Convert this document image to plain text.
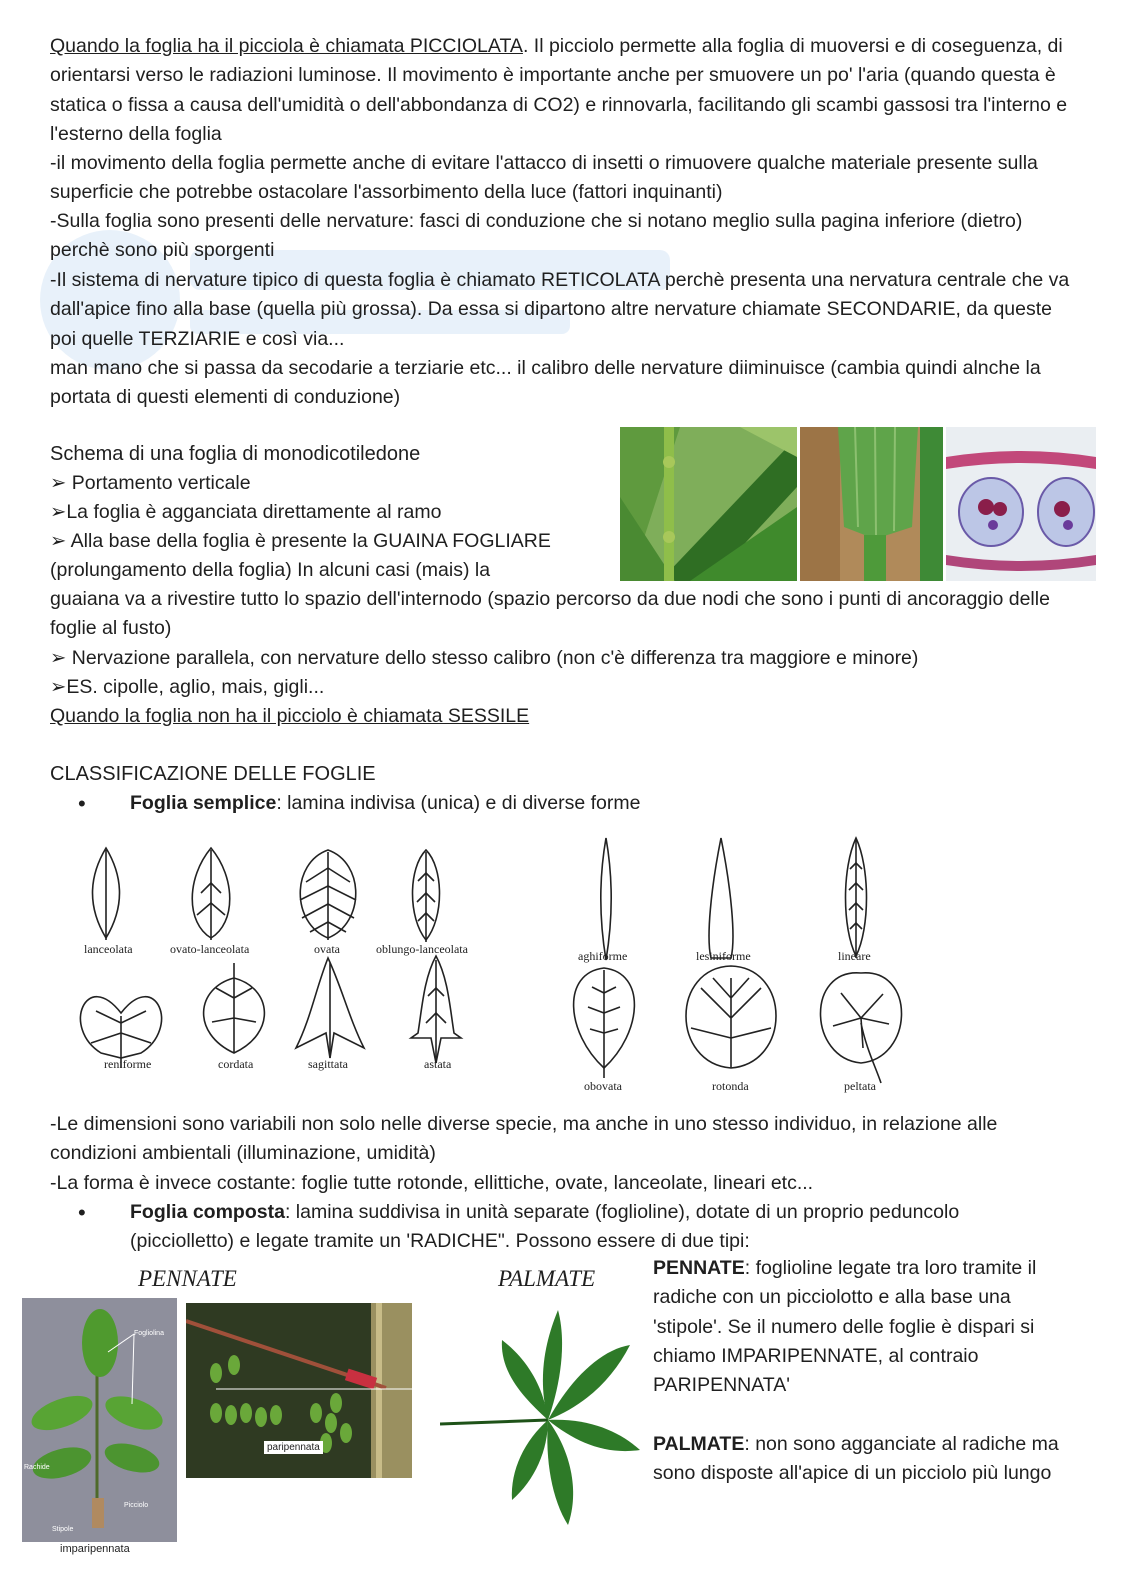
Quando la foglia ha il picciola è chiamata PICCIOLATA. Il picciolo permette alla foglia di muoversi e di coseguenza, di orientarsi verso le radiazioni luminose. Il movimento è importante anche per smuovere un po' l'aria (quando questa è statica o fissa a causa dell'umidità o dell'abbondanza di CO2) e rinnovarla, facilitando gli scambi gassosi tra l'interno e l'esterno della foglia
-il movimento della foglia permette anche di evitare l'attacco di insetti o rimuovere qualche materiale presente sulla superficie che potrebbe ostacolare l'assorbimento della luce (fattori inquinanti)
-Sulla foglia sono presenti delle nervature: fasci di conduzione che si notano meglio sulla pagina inferiore (dietro) perchè sono più sporgenti
-Il sistema di nervature tipico di questa foglia è chiamato RETICOLATA perchè presenta una nervatura centrale che va dall'apice fino alla base (quella più grossa). Da essa si dipartono altre nervature chiamate SECONDARIE, da queste poi quelle TERZIARIE e così via...
man mano che si passa da secodarie a terziarie etc... il calibro delle nervature diiminuisce (cambia quindi alnche la portata di questi elementi di conduzione)
Schema di una foglia di monodicotiledone
➢ Portamento verticale
➢La foglia è agganciata direttamente al ramo
➢ Alla base della foglia è presente la GUAINA FOGLIARE
(prolungamento della foglia) In alcuni casi (mais) la
guaiana va a rivestire tutto lo spazio dell'internodo (spazio percorso da due nodi che sono i punti di ancoraggio delle foglie al fusto)
➢ Nervazione parallela, con nervature dello stesso calibro (non c'è differenza tra maggiore e minore)
➢ES. cipolle, aglio, mais, gigli...
Quando la foglia non ha il picciolo è chiamata SESSILE
CLASSIFICAZIONE DELLE FOGLIE
• Foglia semplice: lamina indivisa (unica) e di diverse forme
lanceolata	ovato-lanceolata	ovata	oblungo-lanceolata	aghiforme	lesiniforme	lineare
reniforme	cordata	sagittata	astata
obovata	rotonda	peltata
-Le dimensioni sono variabili non solo nelle diverse specie, ma anche in uno stesso individuo, in relazione alle condizioni ambientali (illuminazione, umidità)
-La forma è invece costante: foglie tutte rotonde, ellittiche, ovate, lanceolate, lineari etc...
• Foglia composta: lamina suddivisa in unità separate (foglioline), dotate di un proprio peduncolo (picciolletto) e legate tramite un 'RADICHE". Possono essere di due tipi:
PENNATE	PALMATE
Fogliolina
Rachide
Picciolo
Stipole
imparipennata
paripennata
PENNATE: foglioline legate tra loro tramite il radiche con un picciolotto e alla base una 'stipole'. Se il numero delle foglie è dispari si chiamo IMPARIPENNATE, al contraio PARIPENNATA'
PALMATE: non sono agganciate al radiche ma sono disposte all'apice di un picciolo più lungo
